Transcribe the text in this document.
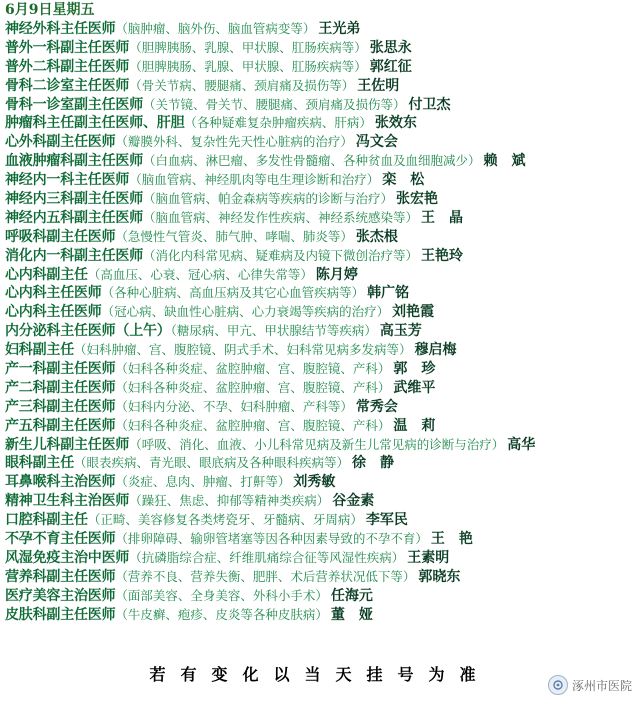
6月9日星期五
神经外科主任医师（脑肿瘤、脑外伤、脑血管病变等） 王光弟
普外一科副主任医师（胆脾胰肠、乳腺、甲状腺、肛肠疾病等） 张思永
普外二科副主任医师（胆脾胰肠、乳腺、甲状腺、肛肠疾病等） 郭红征
骨科二诊室主任医师（骨关节病、腰腿痛、颈肩痛及损伤等） 王佐明
骨科一诊室副主任医师（关节镜、骨关节、腰腿痛、颈肩痛及损伤等） 付卫杰
肿瘤科主任副主任医师、肝胆（各种疑难复杂肿瘤疾病、肝病） 张效东
心外科副主任医师（瓣膜外科、复杂性先天性心脏病的治疗） 冯文会
血液肿瘤科副主任医师（白血病、淋巴瘤、多发性骨髓瘤、各种贫血及血细胞减少） 赖　斌
神经内一科主任医师（脑血管病、神经肌肉等电生理诊断和治疗） 栾　松
神经内三科副主任医师（脑血管病、帕金森病等疾病的诊断与治疗） 张宏艳
神经内五科副主任医师（脑血管病、神经发作性疾病、神经系统感染等） 王　晶
呼吸科副主任医师（急慢性气管炎、肺气肿、哮喘、肺炎等） 张杰根
消化内一科副主任医师（消化内科常见病、疑难病及内镜下微创治疗等） 王艳玲
心内科副主任（高血压、心衰、冠心病、心律失常等） 陈月婷
心内科主任医师（各种心脏病、高血压病及其它心血管疾病等） 韩广铭
心内科主任医师（冠心病、缺血性心脏病、心力衰竭等疾病的治疗） 刘艳霞
内分泌科主任医师（上午）（糖尿病、甲亢、甲状腺结节等疾病） 高玉芳
妇科副主任（妇科肿瘤、宫、腹腔镜、阴式手术、妇科常见病多发病等） 穆启梅
产一科副主任医师（妇科各种炎症、盆腔肿瘤、宫、腹腔镜、产科） 郭　珍
产二科副主任医师（妇科各种炎症、盆腔肿瘤、宫、腹腔镜、产科） 武维平
产三科副主任医师（妇科内分泌、不孕、妇科肿瘤、产科等） 常秀会
产五科副主任医师（妇科各种炎症、盆腔肿瘤、宫、腹腔镜、产科） 温　莉
新生儿科副主任医师（呼吸、消化、血液、小儿科常见病及新生儿常见病的诊断与治疗） 高华
眼科副主任（眼表疾病、青光眼、眼底病及各种眼科疾病等） 徐　静
耳鼻喉科主治医师（炎症、息肉、肿瘤、打鼾等） 刘秀敏
精神卫生科主治医师（躁狂、焦虑、抑郁等精神类疾病） 谷金素
口腔科副主任（正畸、美容修复各类烤瓷牙、牙髓病、牙周病） 李军民
不孕不育主任医师（排卵障碍、输卵管堵塞等因各种因素导致的不孕不育） 王　艳
风湿免疫主治中医师（抗磷脂综合症、纤维肌痛综合征等风湿性疾病） 王素明
营养科副主任医师（营养不良、营养失衡、肥胖、术后营养状况低下等） 郭晓东
医疗美容主治医师（面部美容、全身美容、外科小手术） 任海元
皮肤科副主任医师（牛皮癣、疱疹、皮炎等各种皮肤病） 董　娅
若有变化以当天挂号为准
涿州市医院
